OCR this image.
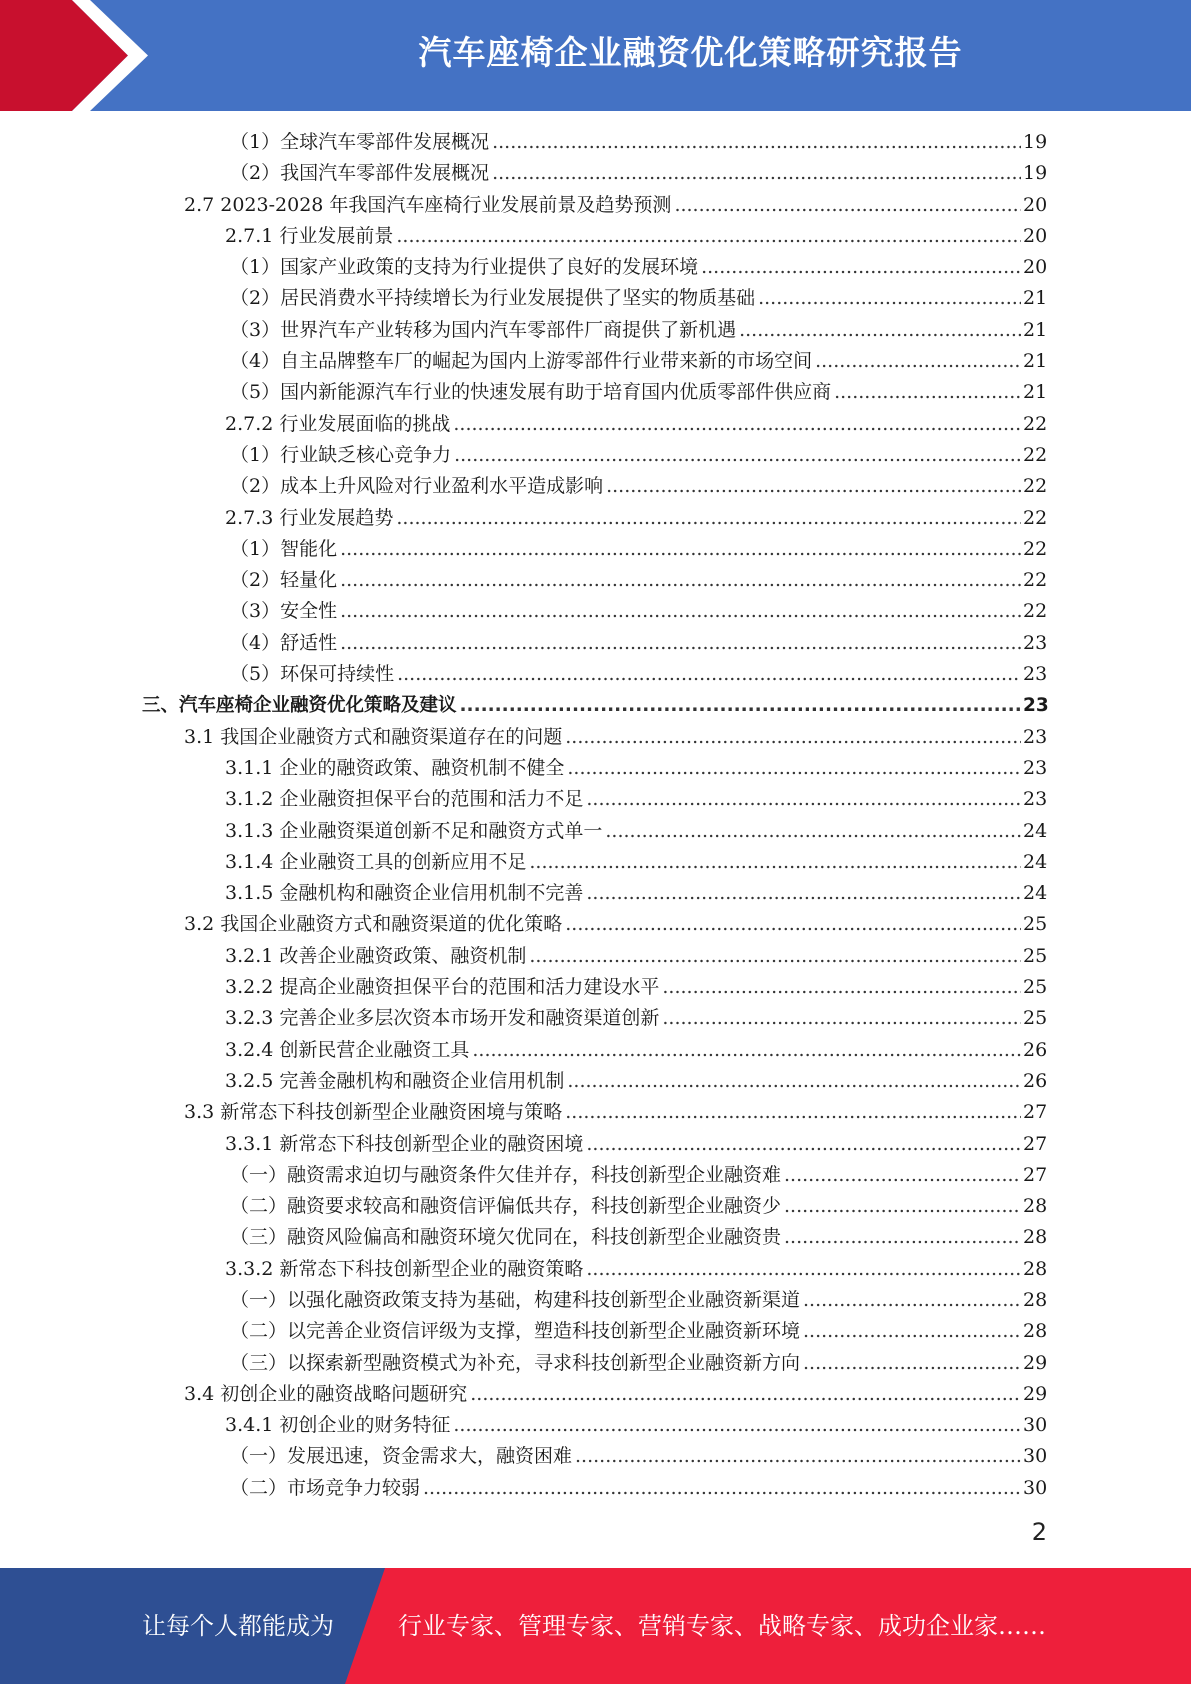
汽车座椅企业融资优化策略研究报告
（1）全球汽车零部件发展概况 .....	19
（2）我国汽车零部件发展概况 .....	19
2.7 2023-2028 年我国汽车座椅行业发展前景及趋势预测 .....	20
2.7.1 行业发展前景 .....	20
（1）国家产业政策的支持为行业提供了良好的发展环境 .....	20
（2）居民消费水平持续增长为行业发展提供了坚实的物质基础 .....	21
（3）世界汽车产业转移为国内汽车零部件厂商提供了新机遇 .....	21
（4）自主品牌整车厂的崛起为国内上游零部件行业带来新的市场空间 .....	21
（5）国内新能源汽车行业的快速发展有助于培育国内优质零部件供应商 .....	21
2.7.2 行业发展面临的挑战 .....	22
（1）行业缺乏核心竞争力 .....	22
（2）成本上升风险对行业盈利水平造成影响 .....	22
2.7.3 行业发展趋势 .....	22
（1）智能化 .....	22
（2）轻量化 .....	22
（3）安全性 .....	22
（4）舒适性 .....	23
（5）环保可持续性 .....	23
三、汽车座椅企业融资优化策略及建议 .....	23
3.1 我国企业融资方式和融资渠道存在的问题 .....	23
3.1.1 企业的融资政策、融资机制不健全 .....	23
3.1.2 企业融资担保平台的范围和活力不足 .....	23
3.1.3 企业融资渠道创新不足和融资方式单一 .....	24
3.1.4 企业融资工具的创新应用不足 .....	24
3.1.5 金融机构和融资企业信用机制不完善 .....	24
3.2 我国企业融资方式和融资渠道的优化策略 .....	25
3.2.1 改善企业融资政策、融资机制 .....	25
3.2.2 提高企业融资担保平台的范围和活力建设水平 .....	25
3.2.3 完善企业多层次资本市场开发和融资渠道创新 .....	25
3.2.4 创新民营企业融资工具 .....	26
3.2.5 完善金融机构和融资企业信用机制 .....	26
3.3 新常态下科技创新型企业融资困境与策略 .....	27
3.3.1 新常态下科技创新型企业的融资困境 .....	27
（一）融资需求迫切与融资条件欠佳并存，科技创新型企业融资难 .....	27
（二）融资要求较高和融资信评偏低共存，科技创新型企业融资少 .....	28
（三）融资风险偏高和融资环境欠优同在，科技创新型企业融资贵 .....	28
3.3.2 新常态下科技创新型企业的融资策略 .....	28
（一）以强化融资政策支持为基础，构建科技创新型企业融资新渠道 .....	28
（二）以完善企业资信评级为支撑，塑造科技创新型企业融资新环境 .....	28
（三）以探索新型融资模式为补充，寻求科技创新型企业融资新方向 .....	29
3.4 初创企业的融资战略问题研究 .....	29
3.4.1 初创企业的财务特征 .....	30
（一）发展迅速，资金需求大，融资困难 .....	30
（二）市场竞争力较弱 .....	30
2
让每个人都能成为	行业专家、管理专家、营销专家、战略专家、成功企业家……
